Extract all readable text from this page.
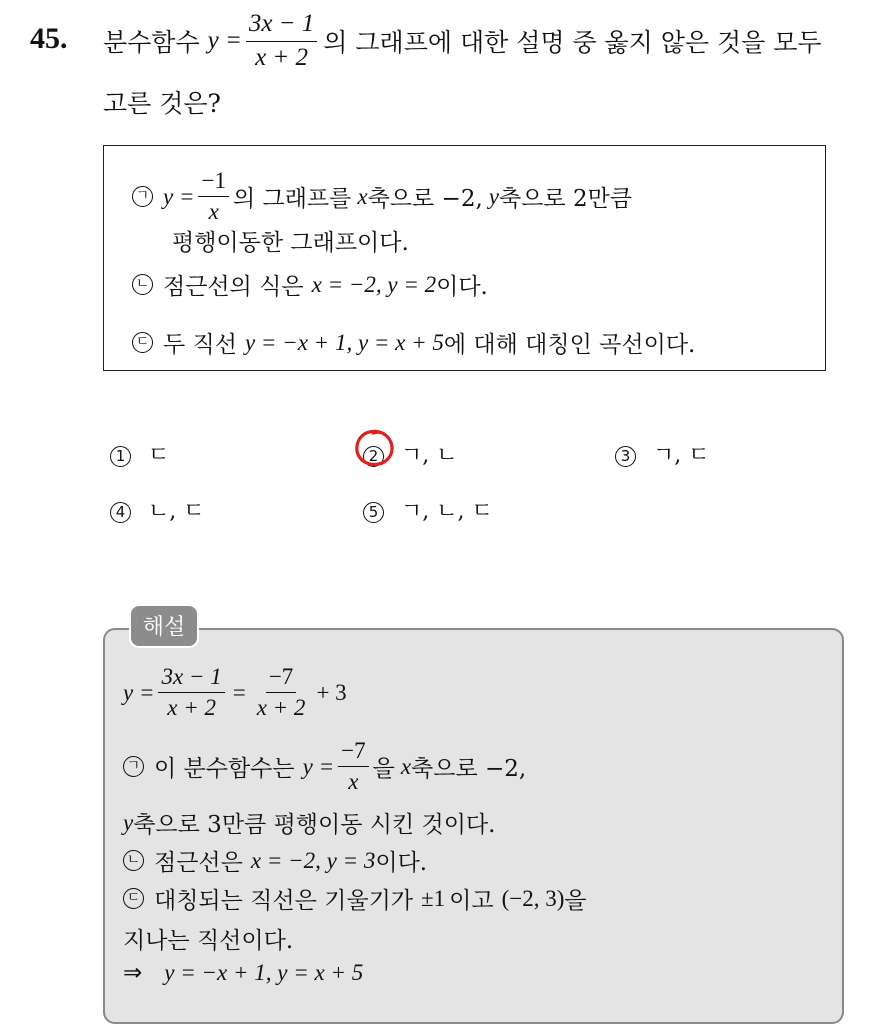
45. 분수함수 $y = \frac{3x - 1}{x + 2}$ 의 그래프에 대한 설명 중 옳지 않은 것을 모두
고른 것은?
ㄱ $y = \frac{-1}{x}$ 의 그래프를 x 축으로 −2, y 축으로 2만큼
평행이동한 그래프이다.
ㄴ 점근선의 식은 x = −2, y = 2 이다.
ㄷ 두 직선 y = −x + 1, y = x + 5 에 대해 대칭인 곡선이다.
1 ㄷ	2 ㄱ, ㄴ	3 ㄱ, ㄷ
4 ㄴ, ㄷ	5 ㄱ, ㄴ, ㄷ
해설
$y = \frac{3x - 1}{x + 2} = \frac{-7}{x + 2} + 3$
ㄱ 이 분수함수는 $y = \frac{-7}{x}$ 을 x 축으로 −2,
y 축으로 3만큼 평행이동 시킨 것이다.
ㄴ 점근선은 x = −2, y = 3 이다.
ㄷ 대칭되는 직선은 기울기가 ±1 이고 (−2, 3) 을
지나는 직선이다.
⇒ y = −x + 1, y = x + 5
